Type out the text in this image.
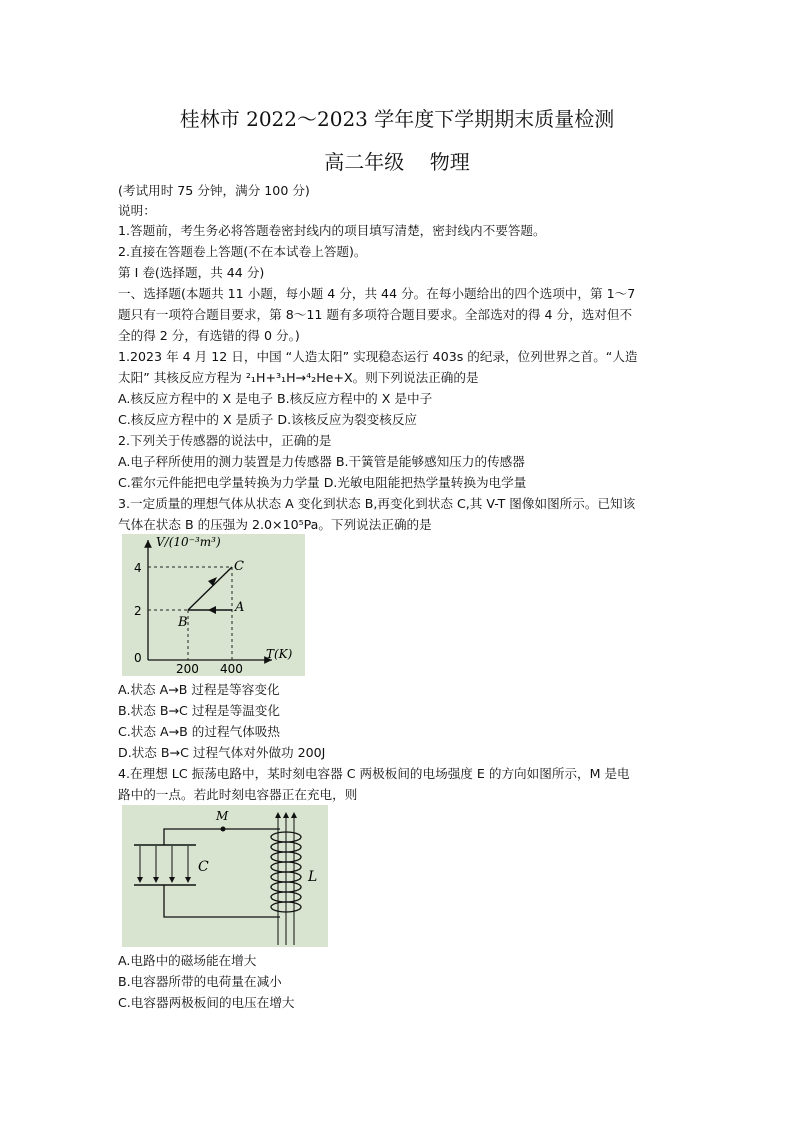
桂林市 2022～2023 学年度下学期期末质量检测
高二年级    物理
(考试用时 75 分钟，满分 100 分)
说明：
1.答题前，考生务必将答题卷密封线内的项目填写清楚，密封线内不要答题。
2.直接在答题卷上答题(不在本试卷上答题)。
第 I 卷(选择题，共 44 分)
一、选择题(本题共 11 小题，每小题 4 分，共 44 分。在每小题给出的四个选项中，第 1～7
题只有一项符合题目要求，第 8～11 题有多项符合题目要求。全部选对的得 4 分，选对但不
全的得 2 分，有选错的得 0 分。)
1.2023 年 4 月 12 日，中国 “人造太阳” 实现稳态运行 403s 的纪录，位列世界之首。“人造
太阳” 其核反应方程为 ²₁H+³₁H→⁴₂He+X。则下列说法正确的是
A.核反应方程中的 X 是电子 B.核反应方程中的 X 是中子
C.核反应方程中的 X 是质子 D.该核反应为裂变核反应
2.下列关于传感器的说法中，正确的是
A.电子秤所使用的测力装置是力传感器 B.干簧管是能够感知压力的传感器
C.霍尔元件能把电学量转换为力学量 D.光敏电阻能把热学量转换为电学量
3.一定质量的理想气体从状态 A 变化到状态 B,再变化到状态 C,其 V-T 图像如图所示。已知该
气体在状态 B 的压强为 2.0×10⁵Pa。下列说法正确的是
V/(10⁻³m³)
T(K)
4
2
0
200 400
A
B
C
A.状态 A→B 过程是等容变化
B.状态 B→C 过程是等温变化
C.状态 A→B 的过程气体吸热
D.状态 B→C 过程气体对外做功 200J
4.在理想 LC 振荡电路中，某时刻电容器 C 两极板间的电场强度 E 的方向如图所示，M 是电
路中的一点。若此时刻电容器正在充电，则
C
M
L
A.电路中的磁场能在增大
B.电容器所带的电荷量在减小
C.电容器两极板间的电压在增大
